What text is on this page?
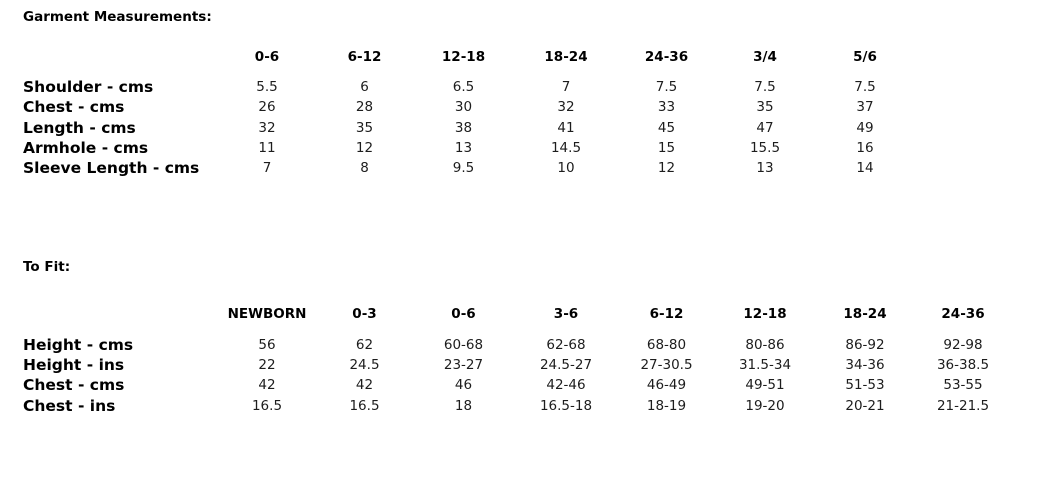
Garment Measurements:
	0-6	6-12	12-18	18-24	24-36	3/4	5/6	

Shoulder - cms	5.5	6	6.5	7	7.5	7.5	7.5	
Chest - cms	26	28	30	32	33	35	37	
Length - cms	32	35	38	41	45	47	49	
Armhole - cms	11	12	13	14.5	15	15.5	16	
Sleeve Length - cms	7	8	9.5	10	12	13	14	
To Fit:
	NEWBORN	0-3	0-6	3-6	6-12	12-18	18-24	24-36

Height - cms	56	62	60-68	62-68	68-80	80-86	86-92	92-98
Height - ins	22	24.5	23-27	24.5-27	27-30.5	31.5-34	34-36	36-38.5
Chest - cms	42	42	46	42-46	46-49	49-51	51-53	53-55
Chest - ins	16.5	16.5	18	16.5-18	18-19	19-20	20-21	21-21.5
